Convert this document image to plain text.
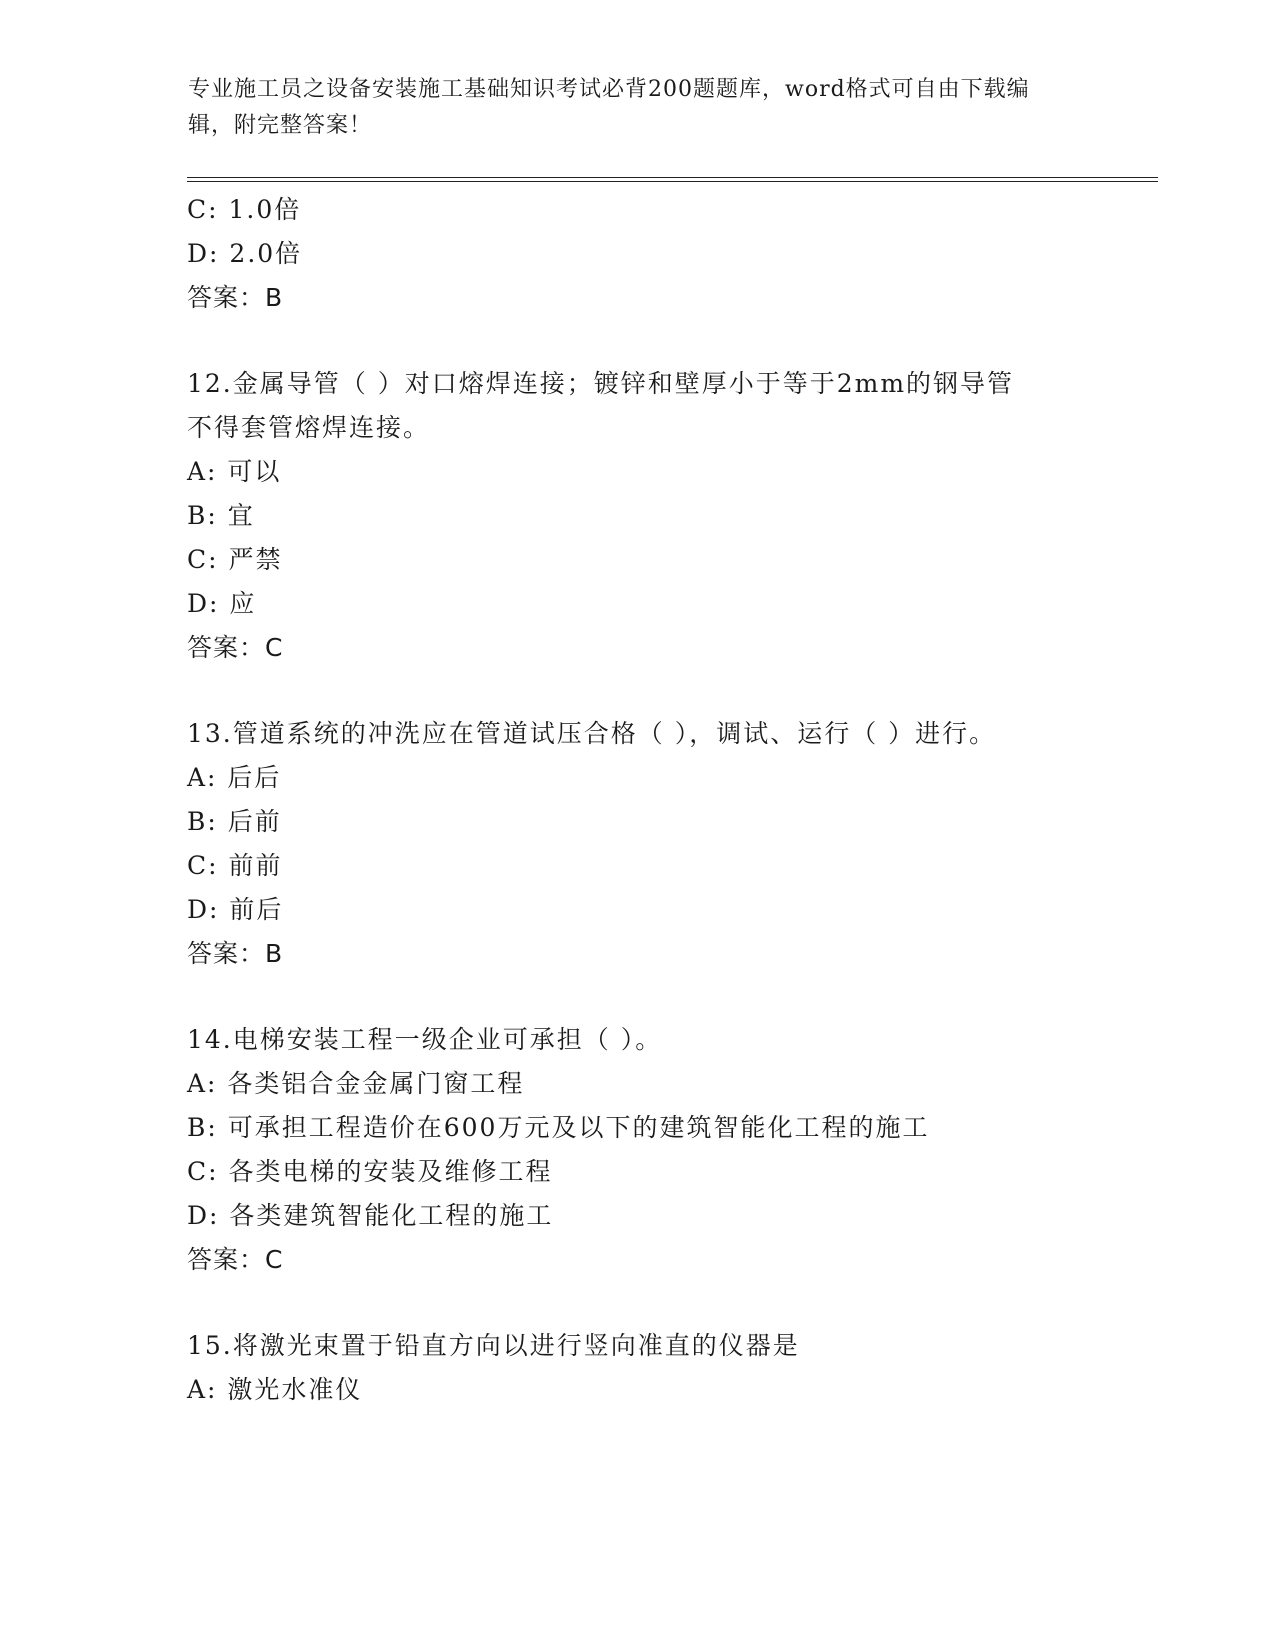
专业施工员之设备安装施工基础知识考试必背200题题库，word格式可自由下载编辑，附完整答案！
C: 1.0倍
D: 2.0倍
答案：B
12.金属导管（ ）对口熔焊连接；镀锌和壁厚小于等于2mm的钢导管
不得套管熔焊连接。
A: 可以
B: 宜
C: 严禁
D: 应
答案：C
13.管道系统的冲洗应在管道试压合格（ ），调试、运行（ ）进行。
A: 后后
B: 后前
C: 前前
D: 前后
答案：B
14.电梯安装工程一级企业可承担（ ）。
A: 各类铝合金金属门窗工程
B: 可承担工程造价在600万元及以下的建筑智能化工程的施工
C: 各类电梯的安装及维修工程
D: 各类建筑智能化工程的施工
答案：C
15.将激光束置于铅直方向以进行竖向准直的仪器是
A: 激光水准仪
